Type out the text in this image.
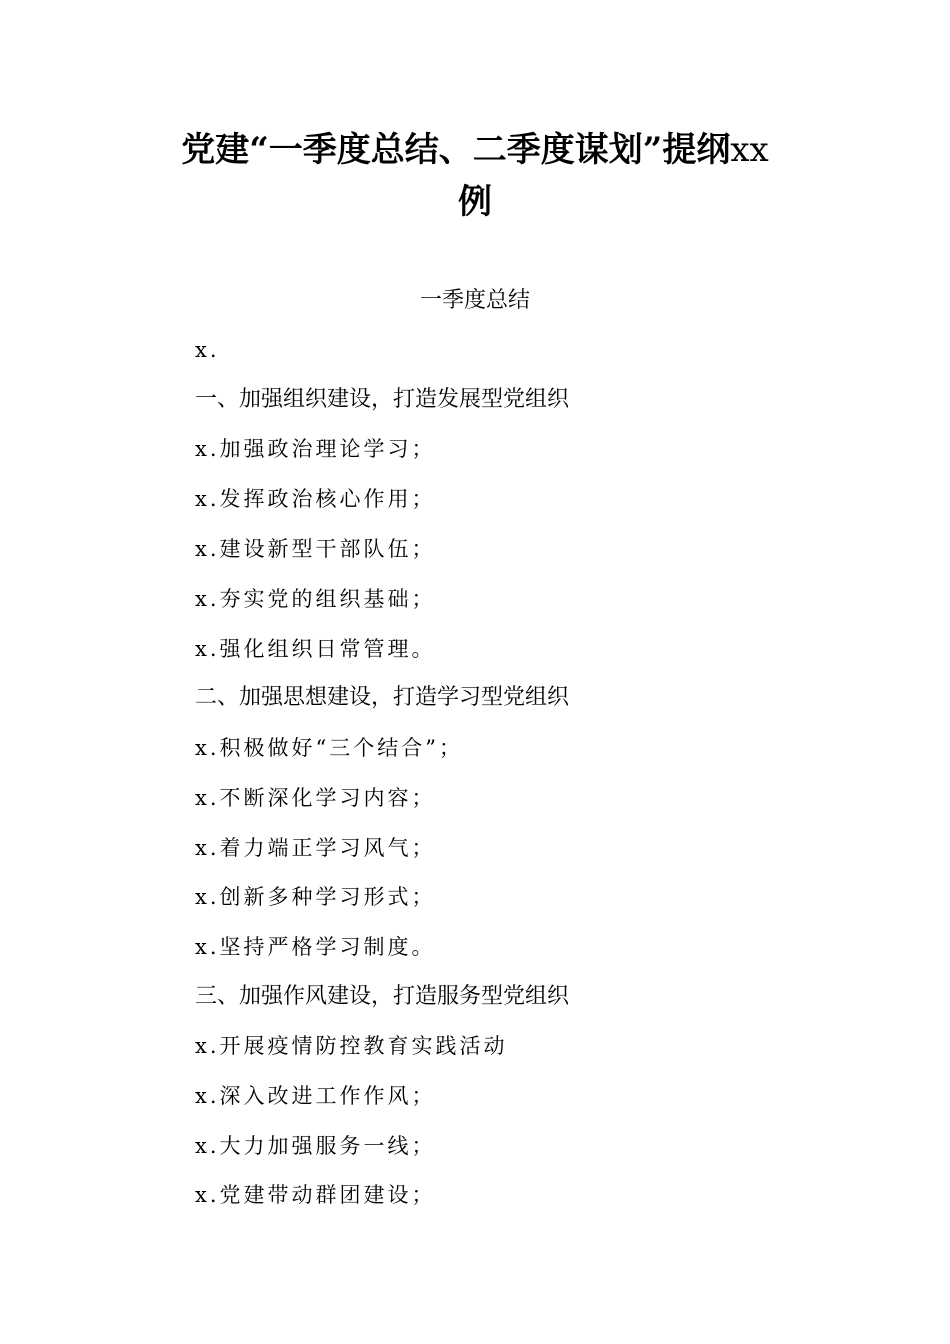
党建“一季度总结、二季度谋划”提纲xx
例
一季度总结
x.
一、加强组织建设，打造发展型党组织
x.加强政治理论学习；
x.发挥政治核心作用；
x.建设新型干部队伍；
x.夯实党的组织基础；
x.强化组织日常管理。
二、加强思想建设，打造学习型党组织
x.积极做好“三个结合”；
x.不断深化学习内容；
x.着力端正学习风气；
x.创新多种学习形式；
x.坚持严格学习制度。
三、加强作风建设，打造服务型党组织
x.开展疫情防控教育实践活动
x.深入改进工作作风；
x.大力加强服务一线；
x.党建带动群团建设；
